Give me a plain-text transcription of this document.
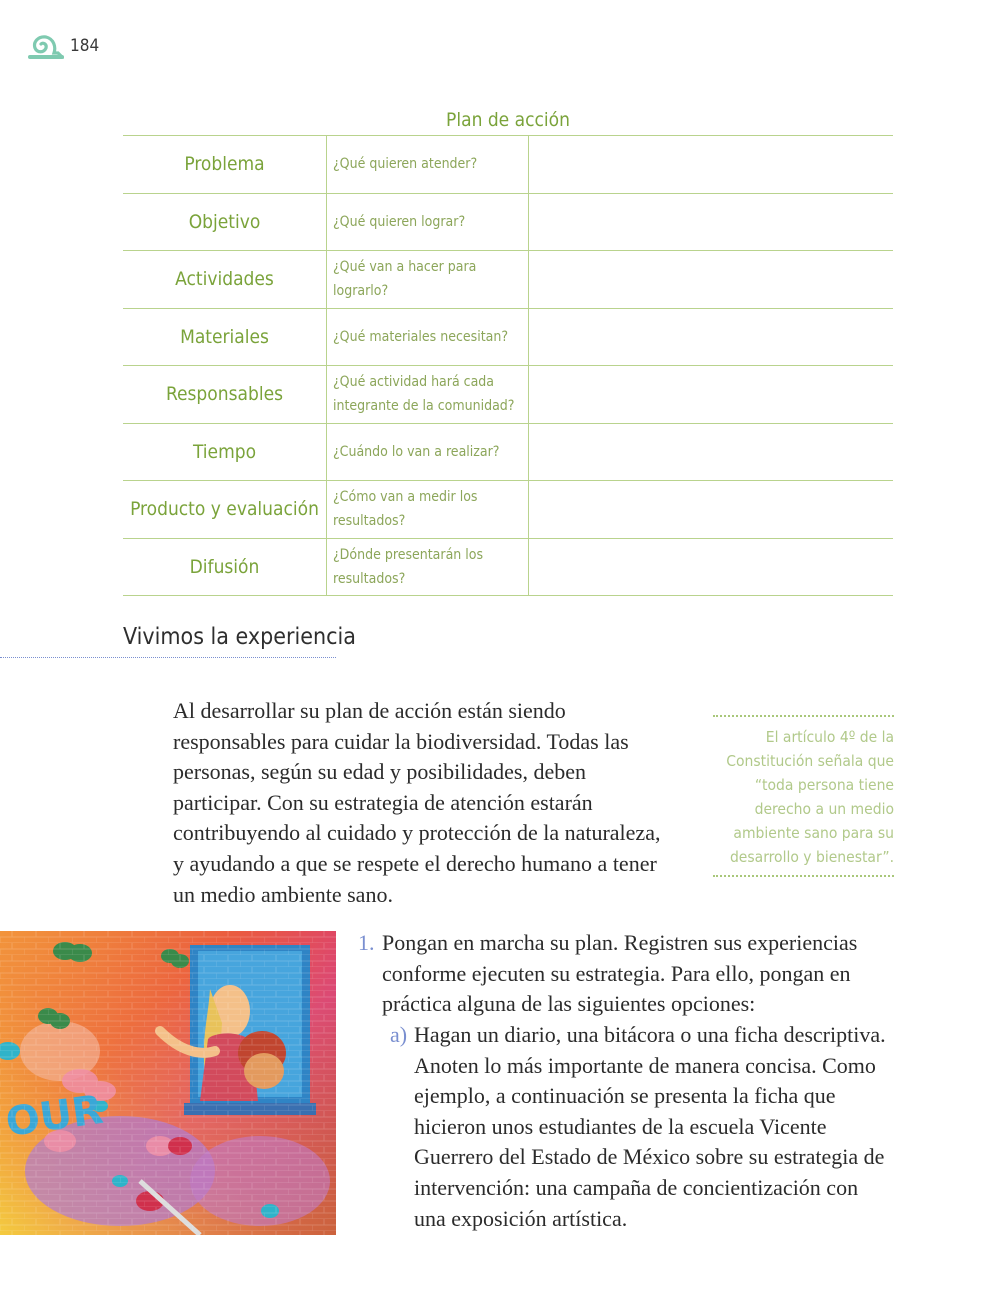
184
Plan de acción
Problema	¿Qué quieren atender?	
Objetivo	¿Qué quieren lograr?	
Actividades	¿Qué van a hacer para lograrlo?	
Materiales	¿Qué materiales necesitan?	
Responsables	¿Qué actividad hará cada integrante de la comunidad?	
Tiempo	¿Cuándo lo van a realizar?	
Producto y evaluación	¿Cómo van a medir los resultados?	
Difusión	¿Dónde presentarán los resultados?	
Vivimos la experiencia

Al desarrollar su plan de acción están siendo responsables para cuidar la biodiversidad. Todas las personas, según su edad y posibilidades, deben participar. Con su estrategia de atención estarán contribuyendo al cuidado y protección de la naturaleza, y ayudando a que se respete el derecho humano a tener un medio ambiente sano.

El artículo 4º de la Constitución señala que “toda persona tiene derecho a un medio ambiente sano para su desarrollo y bienestar”.
1. Pongan en marcha su plan. Registren sus experiencias conforme ejecuten su estrategia. Para ello, pongan en práctica alguna de las siguientes opciones:
a) Hagan un diario, una bitácora o una ficha descriptiva. Anoten lo más importante de manera concisa. Como ejemplo, a continuación se presenta la ficha que hicieron unos estudiantes de la escuela Vicente Guerrero del Estado de México sobre su estrategia de intervención: una campaña de concientización con una exposición artística.
